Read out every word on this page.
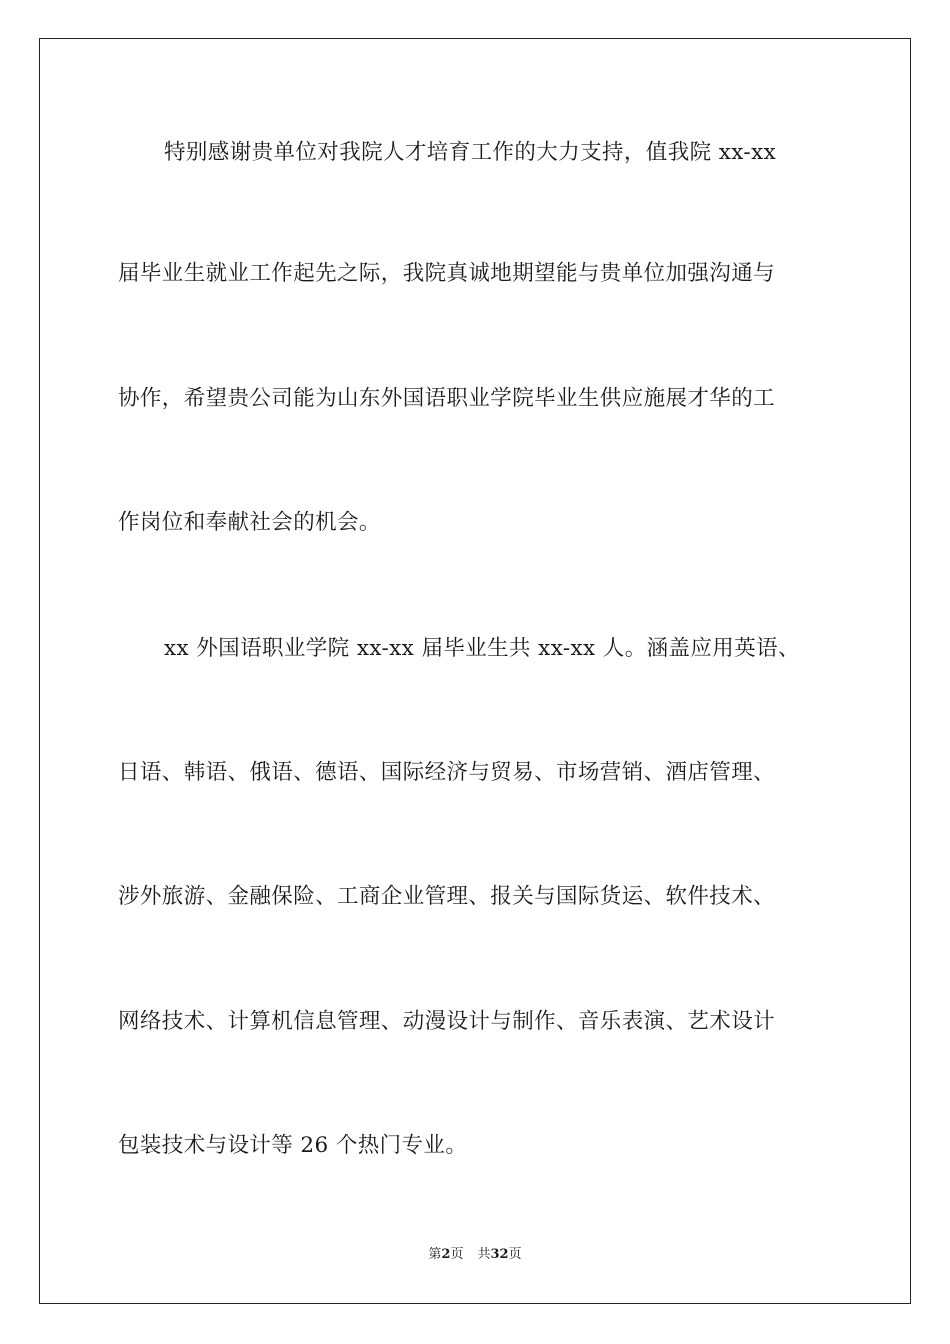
特别感谢贵单位对我院人才培育工作的大力支持，值我院 xx-xx
届毕业生就业工作起先之际，我院真诚地期望能与贵单位加强沟通与
协作，希望贵公司能为山东外国语职业学院毕业生供应施展才华的工
作岗位和奉献社会的机会。
xx 外国语职业学院 xx-xx 届毕业生共 xx-xx 人。涵盖应用英语、
日语、韩语、俄语、德语、国际经济与贸易、市场营销、酒店管理、
涉外旅游、金融保险、工商企业管理、报关与国际货运、软件技术、
网络技术、计算机信息管理、动漫设计与制作、音乐表演、艺术设计
包装技术与设计等 26 个热门专业。
第2页 共32页
